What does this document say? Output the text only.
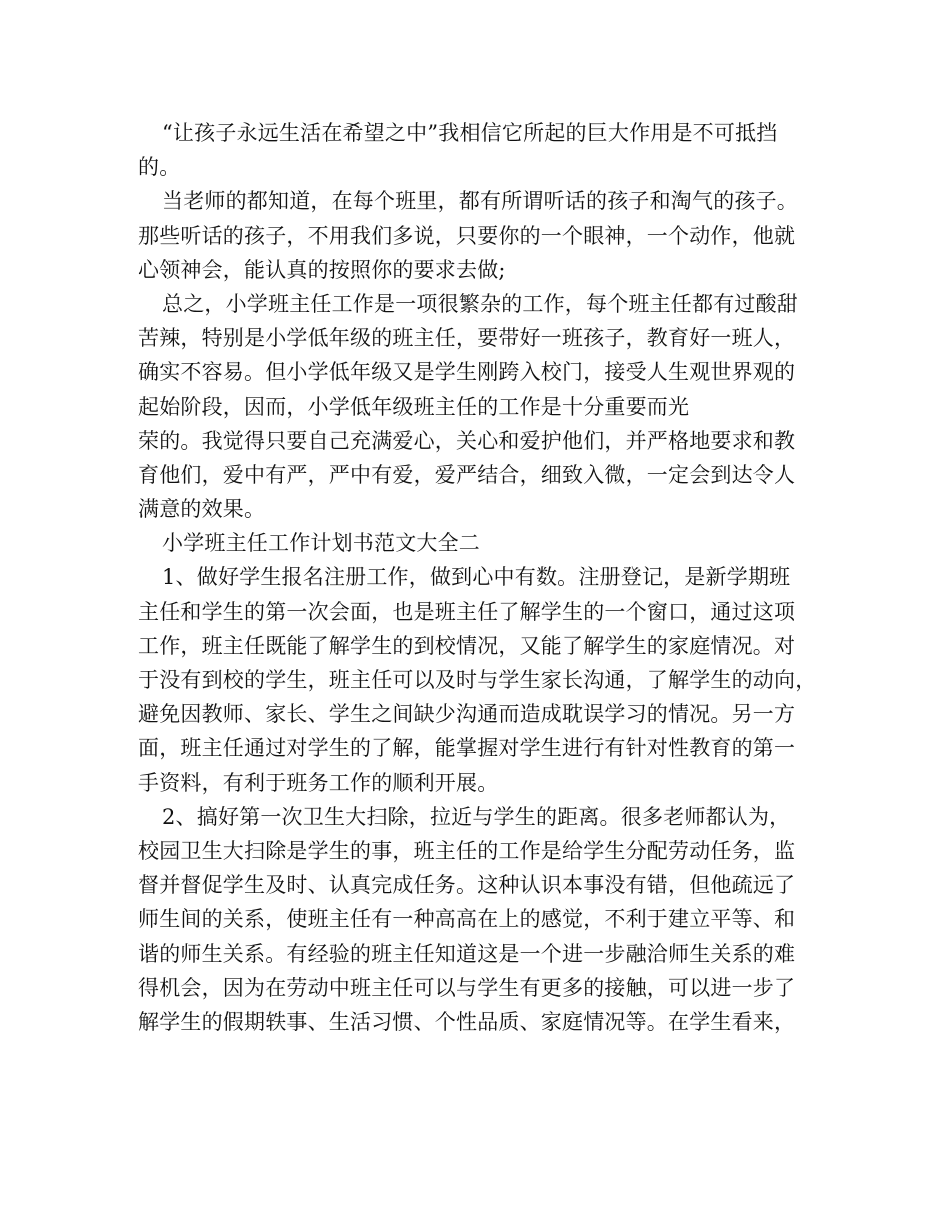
“让孩子永远生活在希望之中”我相信它所起的巨大作用是不可抵挡
的。
当老师的都知道，在每个班里，都有所谓听话的孩子和淘气的孩子。
那些听话的孩子，不用我们多说，只要你的一个眼神，一个动作，他就
心领神会，能认真的按照你的要求去做;
总之，小学班主任工作是一项很繁杂的工作，每个班主任都有过酸甜
苦辣，特别是小学低年级的班主任，要带好一班孩子，教育好一班人，
确实不容易。但小学低年级又是学生刚跨入校门，接受人生观世界观的
起始阶段，因而，小学低年级班主任的工作是十分重要而光
荣的。我觉得只要自己充满爱心，关心和爱护他们，并严格地要求和教
育他们，爱中有严，严中有爱，爱严结合，细致入微，一定会到达令人
满意的效果。
小学班主任工作计划书范文大全二
1、做好学生报名注册工作，做到心中有数。注册登记，是新学期班
主任和学生的第一次会面，也是班主任了解学生的一个窗口，通过这项
工作，班主任既能了解学生的到校情况，又能了解学生的家庭情况。对
于没有到校的学生，班主任可以及时与学生家长沟通，了解学生的动向，
避免因教师、家长、学生之间缺少沟通而造成耽误学习的情况。另一方
面，班主任通过对学生的了解，能掌握对学生进行有针对性教育的第一
手资料，有利于班务工作的顺利开展。
2、搞好第一次卫生大扫除，拉近与学生的距离。很多老师都认为，
校园卫生大扫除是学生的事，班主任的工作是给学生分配劳动任务，监
督并督促学生及时、认真完成任务。这种认识本事没有错，但他疏远了
师生间的关系，使班主任有一种高高在上的感觉，不利于建立平等、和
谐的师生关系。有经验的班主任知道这是一个进一步融洽师生关系的难
得机会，因为在劳动中班主任可以与学生有更多的接触，可以进一步了
解学生的假期轶事、生活习惯、个性品质、家庭情况等。在学生看来，
